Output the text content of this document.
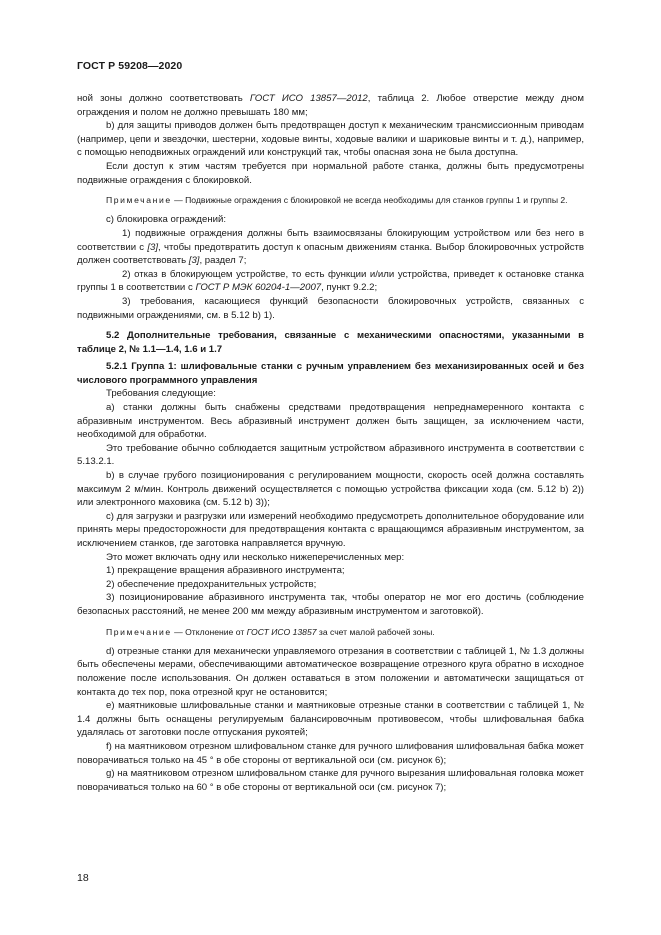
ГОСТ Р 59208—2020

ной зоны должно соответствовать ГОСТ ИСО 13857—2012, таблица 2. Любое отверстие между дном ограждения и полом не должно превышать 180 мм;

b) для защиты приводов должен быть предотвращен доступ к механическим трансмиссионным приводам (например, цепи и звездочки, шестерни, ходовые винты, ходовые валики и шариковые винты и т. д.), например, с помощью неподвижных ограждений или конструкций так, чтобы опасная зона не была доступна.

Если доступ к этим частям требуется при нормальной работе станка, должны быть предусмотрены подвижные ограждения с блокировкой.

Примечание — Подвижные ограждения с блокировкой не всегда необходимы для станков группы 1 и группы 2.

c) блокировка ограждений:

1) подвижные ограждения должны быть взаимосвязаны блокирующим устройством или без него в соответствии с [3], чтобы предотвратить доступ к опасным движениям станка. Выбор блокировочных устройств должен соответствовать [3], раздел 7;

2) отказ в блокирующем устройстве, то есть функции и/или устройства, приведет к остановке станка группы 1 в соответствии с ГОСТ Р МЭК 60204-1—2007, пункт 9.2.2;

3) требования, касающиеся функций безопасности блокировочных устройств, связанных с подвижными ограждениями, см. в 5.12 b) 1).

5.2 Дополнительные требования, связанные с механическими опасностями, указанными в таблице 2, № 1.1—1.4, 1.6 и 1.7

5.2.1 Группа 1: шлифовальные станки с ручным управлением без механизированных осей и без числового программного управления

Требования следующие:

a) станки должны быть снабжены средствами предотвращения непреднамеренного контакта с абразивным инструментом. Весь абразивный инструмент должен быть защищен, за исключением части, необходимой для обработки.

Это требование обычно соблюдается защитным устройством абразивного инструмента в соответствии с 5.13.2.1.

b) в случае грубого позиционирования с регулированием мощности, скорость осей должна составлять максимум 2 м/мин. Контроль движений осуществляется с помощью устройства фиксации хода (см. 5.12 b) 2)) или электронного маховика (см. 5.12 b) 3));

c) для загрузки и разгрузки или измерений необходимо предусмотреть дополнительное оборудование или принять меры предосторожности для предотвращения контакта с вращающимся абразивным инструментом, за исключением станков, где заготовка направляется вручную.

Это может включать одну или несколько нижеперечисленных мер:

1) прекращение вращения абразивного инструмента;

2) обеспечение предохранительных устройств;

3) позиционирование абразивного инструмента так, чтобы оператор не мог его достичь (соблюдение безопасных расстояний, не менее 200 мм между абразивным инструментом и заготовкой).

Примечание — Отклонение от ГОСТ ИСО 13857 за счет малой рабочей зоны.

d) отрезные станки для механически управляемого отрезания в соответствии с таблицей 1, № 1.3 должны быть обеспечены мерами, обеспечивающими автоматическое возвращение отрезного круга обратно в исходное положение после использования. Он должен оставаться в этом положении и автоматически защищаться от контакта до тех пор, пока отрезной круг не остановится;

e) маятниковые шлифовальные станки и маятниковые отрезные станки в соответствии с таблицей 1, № 1.4 должны быть оснащены регулируемым балансировочным противовесом, чтобы шлифовальная бабка удалялась от заготовки после отпускания рукоятей;

f) на маятниковом отрезном шлифовальном станке для ручного шлифования шлифовальная бабка может поворачиваться только на 45 ° в обе стороны от вертикальной оси (см. рисунок 6);

g) на маятниковом отрезном шлифовальном станке для ручного вырезания шлифовальная головка может поворачиваться только на 60 ° в обе стороны от вертикальной оси (см. рисунок 7);

18
